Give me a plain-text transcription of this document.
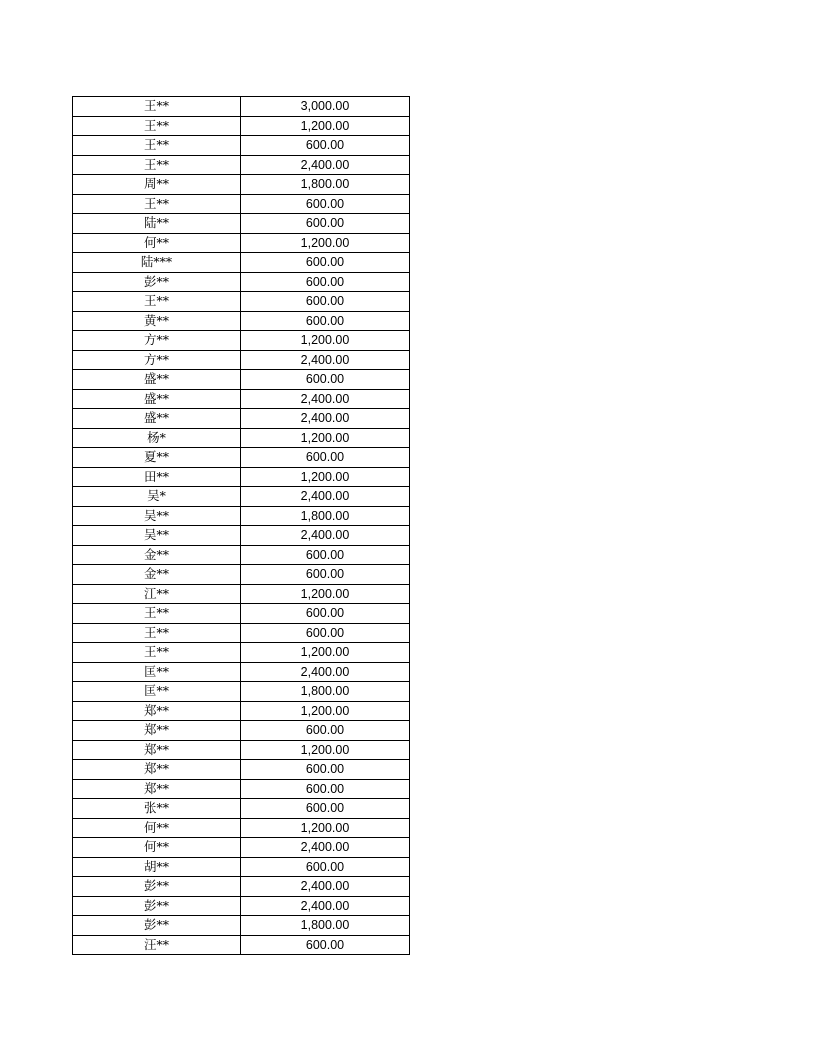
王**	3,000.00
王**	1,200.00
王**	600.00
王**	2,400.00
周**	1,800.00
王**	600.00
陆**	600.00
何**	1,200.00
陆***	600.00
彭**	600.00
王**	600.00
黄**	600.00
方**	1,200.00
方**	2,400.00
盛**	600.00
盛**	2,400.00
盛**	2,400.00
杨*	1,200.00
夏**	600.00
田**	1,200.00
吴*	2,400.00
吴**	1,800.00
吴**	2,400.00
金**	600.00
金**	600.00
江**	1,200.00
王**	600.00
王**	600.00
王**	1,200.00
匡**	2,400.00
匡**	1,800.00
郑**	1,200.00
郑**	600.00
郑**	1,200.00
郑**	600.00
郑**	600.00
张**	600.00
何**	1,200.00
何**	2,400.00
胡**	600.00
彭**	2,400.00
彭**	2,400.00
彭**	1,800.00
汪**	600.00
